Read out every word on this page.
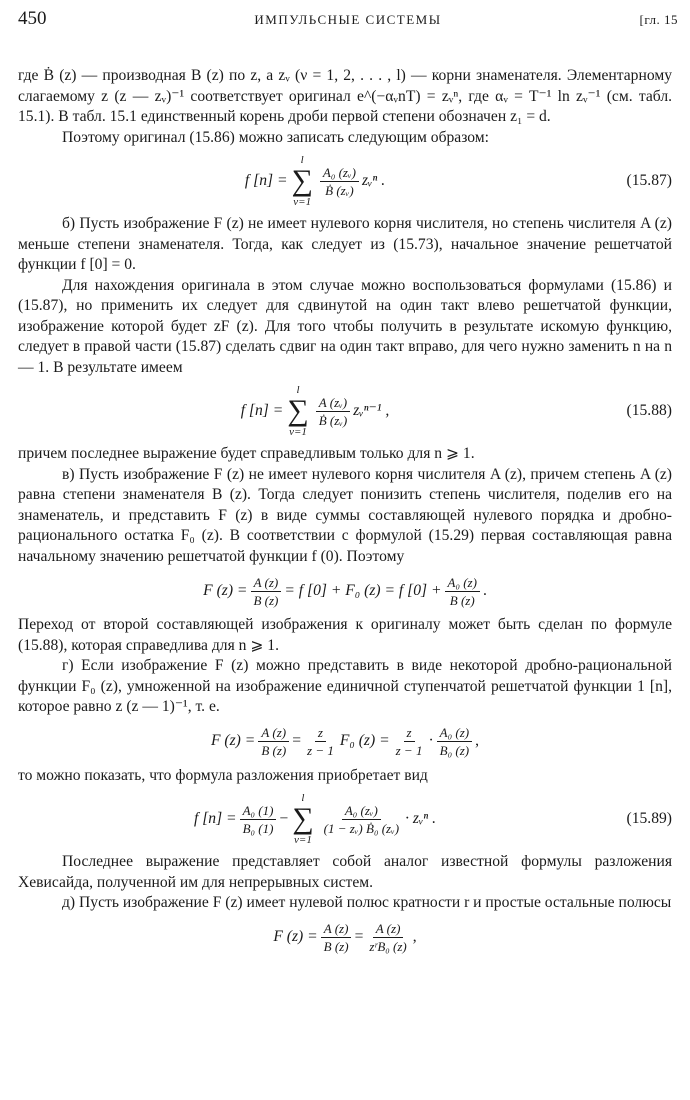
450	ИМПУЛЬСНЫЕ СИСТЕМЫ	[гл. 15

где Ḃ (z) — производная B (z) по z, а zᵥ (ν = 1, 2, . . . , l) — корни знаменателя. Элементарному слагаемому z (z — zᵥ)⁻¹ соответствует оригинал e^(−αᵥnT) = zᵥⁿ, где αᵥ = T⁻¹ ln zᵥ⁻¹ (см. табл. 15.1). В табл. 15.1 единственный корень дроби первой степени обозначен z₁ = d.

Поэтому оригинал (15.86) можно записать следующим образом:

f [n] =
l
∑
ν=1
$\frac{\text{A₀ (zᵥ)}}{\text{Ḃ (zᵥ)}}$ zᵥⁿ .	(15.87)

б) Пусть изображение F (z) не имеет нулевого корня числителя, но степень числителя A (z) меньше степени знаменателя. Тогда, как следует из (15.73), начальное значение решетчатой функции f [0] = 0.

Для нахождения оригинала в этом случае можно воспользоваться формулами (15.86) и (15.87), но применить их следует для сдвинутой на один такт влево решетчатой функции, изображение которой будет zF (z). Для того чтобы получить в результате искомую функцию, следует в правой части (15.87) сделать сдвиг на один такт вправо, для чего нужно заменить n на n — 1. В результате имеем

f [n] =
l
∑
ν=1
$\frac{\text{A (zᵥ)}}{\text{Ḃ (zᵥ)}}$ zᵥⁿ⁻¹ ,	(15.88)

причем последнее выражение будет справедливым только для n ⩾ 1.

в) Пусть изображение F (z) не имеет нулевого корня числителя A (z), причем степень A (z) равна степени знаменателя B (z). Тогда следует понизить степень числителя, поделив его на знаменатель, и представить F (z) в виде суммы составляющей нулевого порядка и дробно-рационального остатка F₀ (z). В соответствии с формулой (15.29) первая составляющая равна начальному значению решетчатой функции f (0). Поэтому

F $(z) = \frac{A (z)}{B (z)} = f$ [0] + F₀ (z) = f $[0] + \frac{\text{A₀ (z)}}{B (z)}$ .

Переход от второй составляющей изображения к оригиналу может быть сделан по формуле (15.88), которая справедлива для n ⩾ 1.

г) Если изображение F (z) можно представить в виде некоторой дробно-рациональной функции F₀ (z), умноженной на изображение единичной ступенчатой решетчатой функции 1 [n], которое равно z (z — 1)⁻¹, т. е.

F $(z) = \frac{A (z)}{B (z)} = \frac{z}{z - 1} F_0$ $(z) = \frac{z}{z - 1} \cdot \frac{\text{A₀ (z)}}{\text{B₀ (z)}}$ ,

то можно показать, что формула разложения приобретает вид

f $[n] = \frac{\text{A₀ (1)}}{\text{B₀ (1)}}$ −
l
∑
ν=1
$\frac{\text{A₀ (zᵥ)}}{\text{(1 − zᵥ) Ḃ₀ (zᵥ)}}$ · zᵥⁿ .	(15.89)

Последнее выражение представляет собой аналог известной формулы разложения Хевисайда, полученной им для непрерывных систем.

д) Пусть изображение F (z) имеет нулевой полюс кратности r и простые остальные полюсы

F $(z) = \frac{A (z)}{B (z)} = \frac{A (z)}{\text{zʳB₀ (z)}}$ ,
